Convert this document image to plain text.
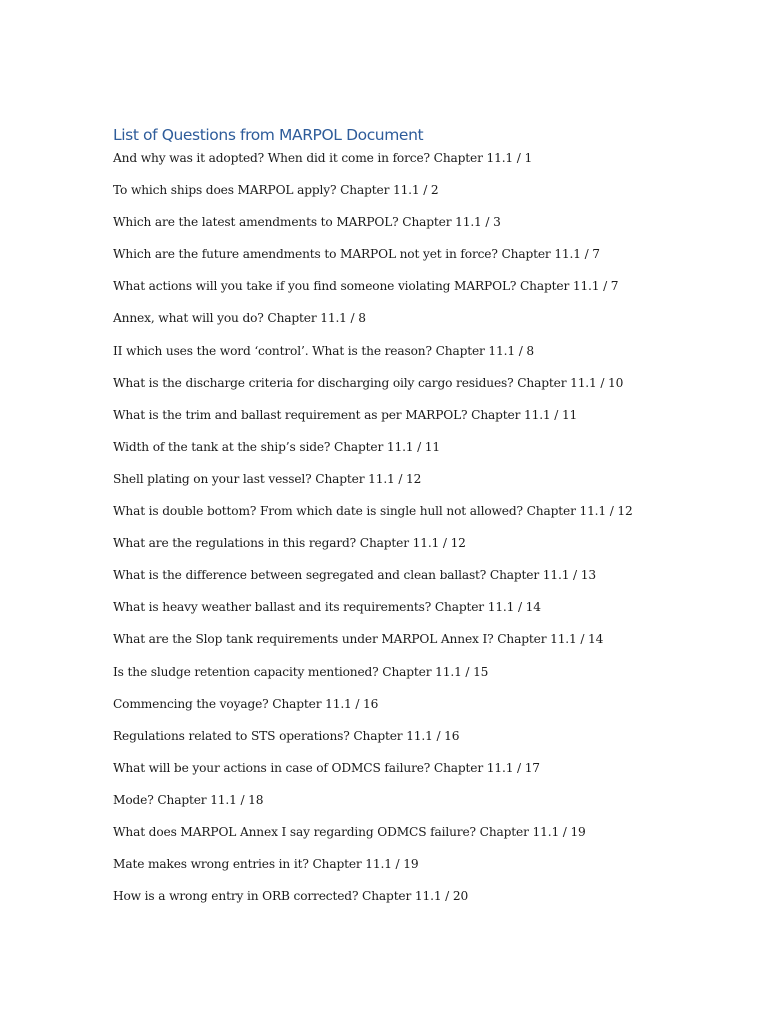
List of Questions from MARPOL Document
And why was it adopted? When did it come in force? Chapter 11.1 / 1
To which ships does MARPOL apply? Chapter 11.1 / 2
Which are the latest amendments to MARPOL? Chapter 11.1 / 3
Which are the future amendments to MARPOL not yet in force? Chapter 11.1 / 7
What actions will you take if you find someone violating MARPOL? Chapter 11.1 / 7
Annex, what will you do? Chapter 11.1 / 8
II which uses the word ‘control’. What is the reason? Chapter 11.1 / 8
What is the discharge criteria for discharging oily cargo residues? Chapter 11.1 / 10
What is the trim and ballast requirement as per MARPOL? Chapter 11.1 / 11
Width of the tank at the ship’s side? Chapter 11.1 / 11
Shell plating on your last vessel? Chapter 11.1 / 12
What is double bottom? From which date is single hull not allowed? Chapter 11.1 / 12
What are the regulations in this regard? Chapter 11.1 / 12
What is the difference between segregated and clean ballast? Chapter 11.1 / 13
What is heavy weather ballast and its requirements? Chapter 11.1 / 14
What are the Slop tank requirements under MARPOL Annex I? Chapter 11.1 / 14
Is the sludge retention capacity mentioned? Chapter 11.1 / 15
Commencing the voyage? Chapter 11.1 / 16
Regulations related to STS operations? Chapter 11.1 / 16
What will be your actions in case of ODMCS failure? Chapter 11.1 / 17
Mode? Chapter 11.1 / 18
What does MARPOL Annex I say regarding ODMCS failure? Chapter 11.1 / 19
Mate makes wrong entries in it? Chapter 11.1 / 19
How is a wrong entry in ORB corrected? Chapter 11.1 / 20
